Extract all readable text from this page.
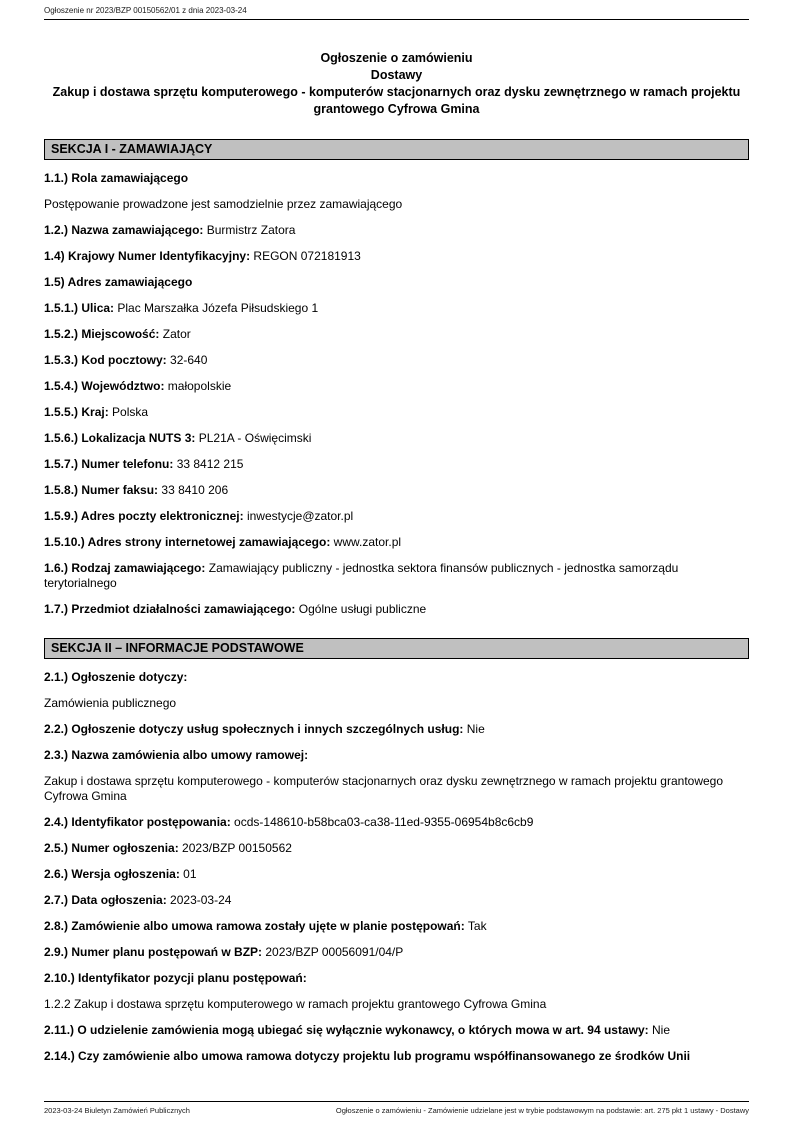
Ogłoszenie nr 2023/BZP 00150562/01 z dnia 2023-03-24
Ogłoszenie o zamówieniu
Dostawy
Zakup i dostawa sprzętu komputerowego - komputerów stacjonarnych oraz dysku zewnętrznego w ramach projektu grantowego Cyfrowa Gmina
SEKCJA I - ZAMAWIAJĄCY
1.1.) Rola zamawiającego
Postępowanie prowadzone jest samodzielnie przez zamawiającego
1.2.) Nazwa zamawiającego: Burmistrz Zatora
1.4) Krajowy Numer Identyfikacyjny: REGON 072181913
1.5) Adres zamawiającego
1.5.1.) Ulica: Plac Marszałka Józefa Piłsudskiego 1
1.5.2.) Miejscowość: Zator
1.5.3.) Kod pocztowy: 32-640
1.5.4.) Województwo: małopolskie
1.5.5.) Kraj: Polska
1.5.6.) Lokalizacja NUTS 3: PL21A - Oświęcimski
1.5.7.) Numer telefonu: 33 8412 215
1.5.8.) Numer faksu: 33 8410 206
1.5.9.) Adres poczty elektronicznej: inwestycje@zator.pl
1.5.10.) Adres strony internetowej zamawiającego: www.zator.pl
1.6.) Rodzaj zamawiającego: Zamawiający publiczny - jednostka sektora finansów publicznych - jednostka samorządu terytorialnego
1.7.) Przedmiot działalności zamawiającego: Ogólne usługi publiczne
SEKCJA II – INFORMACJE PODSTAWOWE
2.1.) Ogłoszenie dotyczy:
Zamówienia publicznego
2.2.) Ogłoszenie dotyczy usług społecznych i innych szczególnych usług: Nie
2.3.) Nazwa zamówienia albo umowy ramowej:
Zakup i dostawa sprzętu komputerowego - komputerów stacjonarnych oraz dysku zewnętrznego w ramach projektu grantowego Cyfrowa Gmina
2.4.) Identyfikator postępowania: ocds-148610-b58bca03-ca38-11ed-9355-06954b8c6cb9
2.5.) Numer ogłoszenia: 2023/BZP 00150562
2.6.) Wersja ogłoszenia: 01
2.7.) Data ogłoszenia: 2023-03-24
2.8.) Zamówienie albo umowa ramowa zostały ujęte w planie postępowań: Tak
2.9.) Numer planu postępowań w BZP: 2023/BZP 00056091/04/P
2.10.) Identyfikator pozycji planu postępowań:
1.2.2 Zakup i dostawa sprzętu komputerowego w ramach projektu grantowego Cyfrowa Gmina
2.11.) O udzielenie zamówienia mogą ubiegać się wyłącznie wykonawcy, o których mowa w art. 94 ustawy: Nie
2.14.) Czy zamówienie albo umowa ramowa dotyczy projektu lub programu współfinansowanego ze środków Unii
2023-03-24 Biuletyn Zamówień Publicznych	Ogłoszenie o zamówieniu - Zamówienie udzielane jest w trybie podstawowym na podstawie: art. 275 pkt 1 ustawy - Dostawy
